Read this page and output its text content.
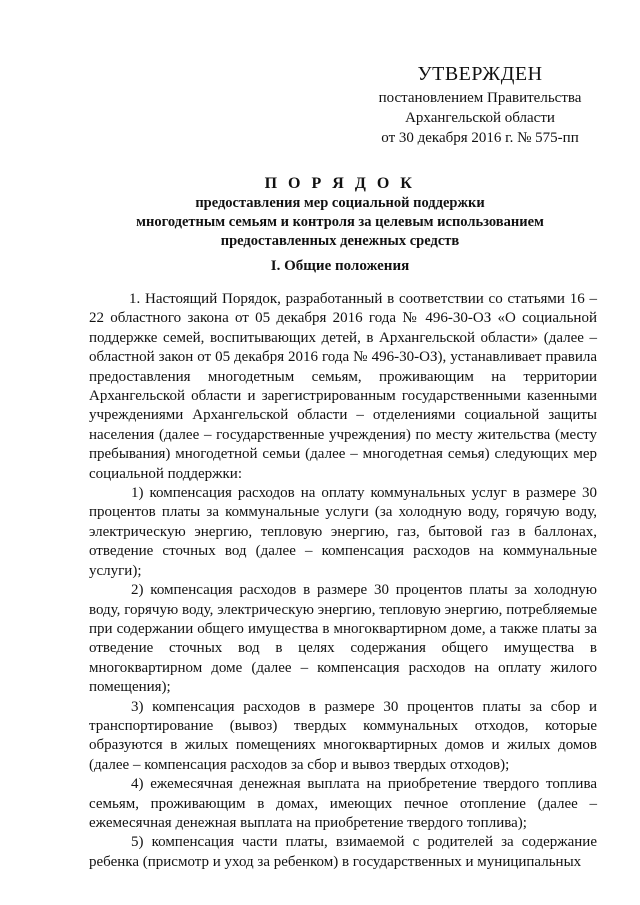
УТВЕРЖДЕН
постановлением Правительства
Архангельской области
от 30 декабря 2016 г. № 575-пп
П О Р Я Д О К
предоставления мер социальной поддержки
многодетным семьям и контроля за целевым использованием
предоставленных денежных средств
I. Общие положения

1. Настоящий Порядок, разработанный в соответствии со статьями 16 – 22 областного закона от 05 декабря 2016 года № 496-30-ОЗ «О социальной поддержке семей, воспитывающих детей, в Архангельской области» (далее – областной закон от 05 декабря 2016 года № 496-30-ОЗ), устанавливает правила предоставления многодетным семьям, проживающим на территории Архангельской области и зарегистрированным государственными казенными учреждениями Архангельской области – отделениями социальной защиты населения (далее – государственные учреждения) по месту жительства (месту пребывания) многодетной семьи (далее – многодетная семья) следующих мер социальной поддержки:

1) компенсация расходов на оплату коммунальных услуг в размере 30 процентов платы за коммунальные услуги (за холодную воду, горячую воду, электрическую энергию, тепловую энергию, газ, бытовой газ в баллонах, отведение сточных вод (далее – компенсация расходов на коммунальные услуги);

2) компенсация расходов в размере 30 процентов платы за холодную воду, горячую воду, электрическую энергию, тепловую энергию, потребляемые при содержании общего имущества в многоквартирном доме, а также платы за отведение сточных вод в целях содержания общего имущества в многоквартирном доме (далее – компенсация расходов на оплату жилого помещения);

3) компенсация расходов в размере 30 процентов платы за сбор и транспортирование (вывоз) твердых коммунальных отходов, которые образуются в жилых помещениях многоквартирных домов и жилых домов (далее – компенсация расходов за сбор и вывоз твердых отходов);

4) ежемесячная денежная выплата на приобретение твердого топлива семьям, проживающим в домах, имеющих печное отопление (далее – ежемесячная денежная выплата на приобретение твердого топлива);

5) компенсация части платы, взимаемой с родителей за содержание ребенка (присмотр и уход за ребенком) в государственных и муниципальных
